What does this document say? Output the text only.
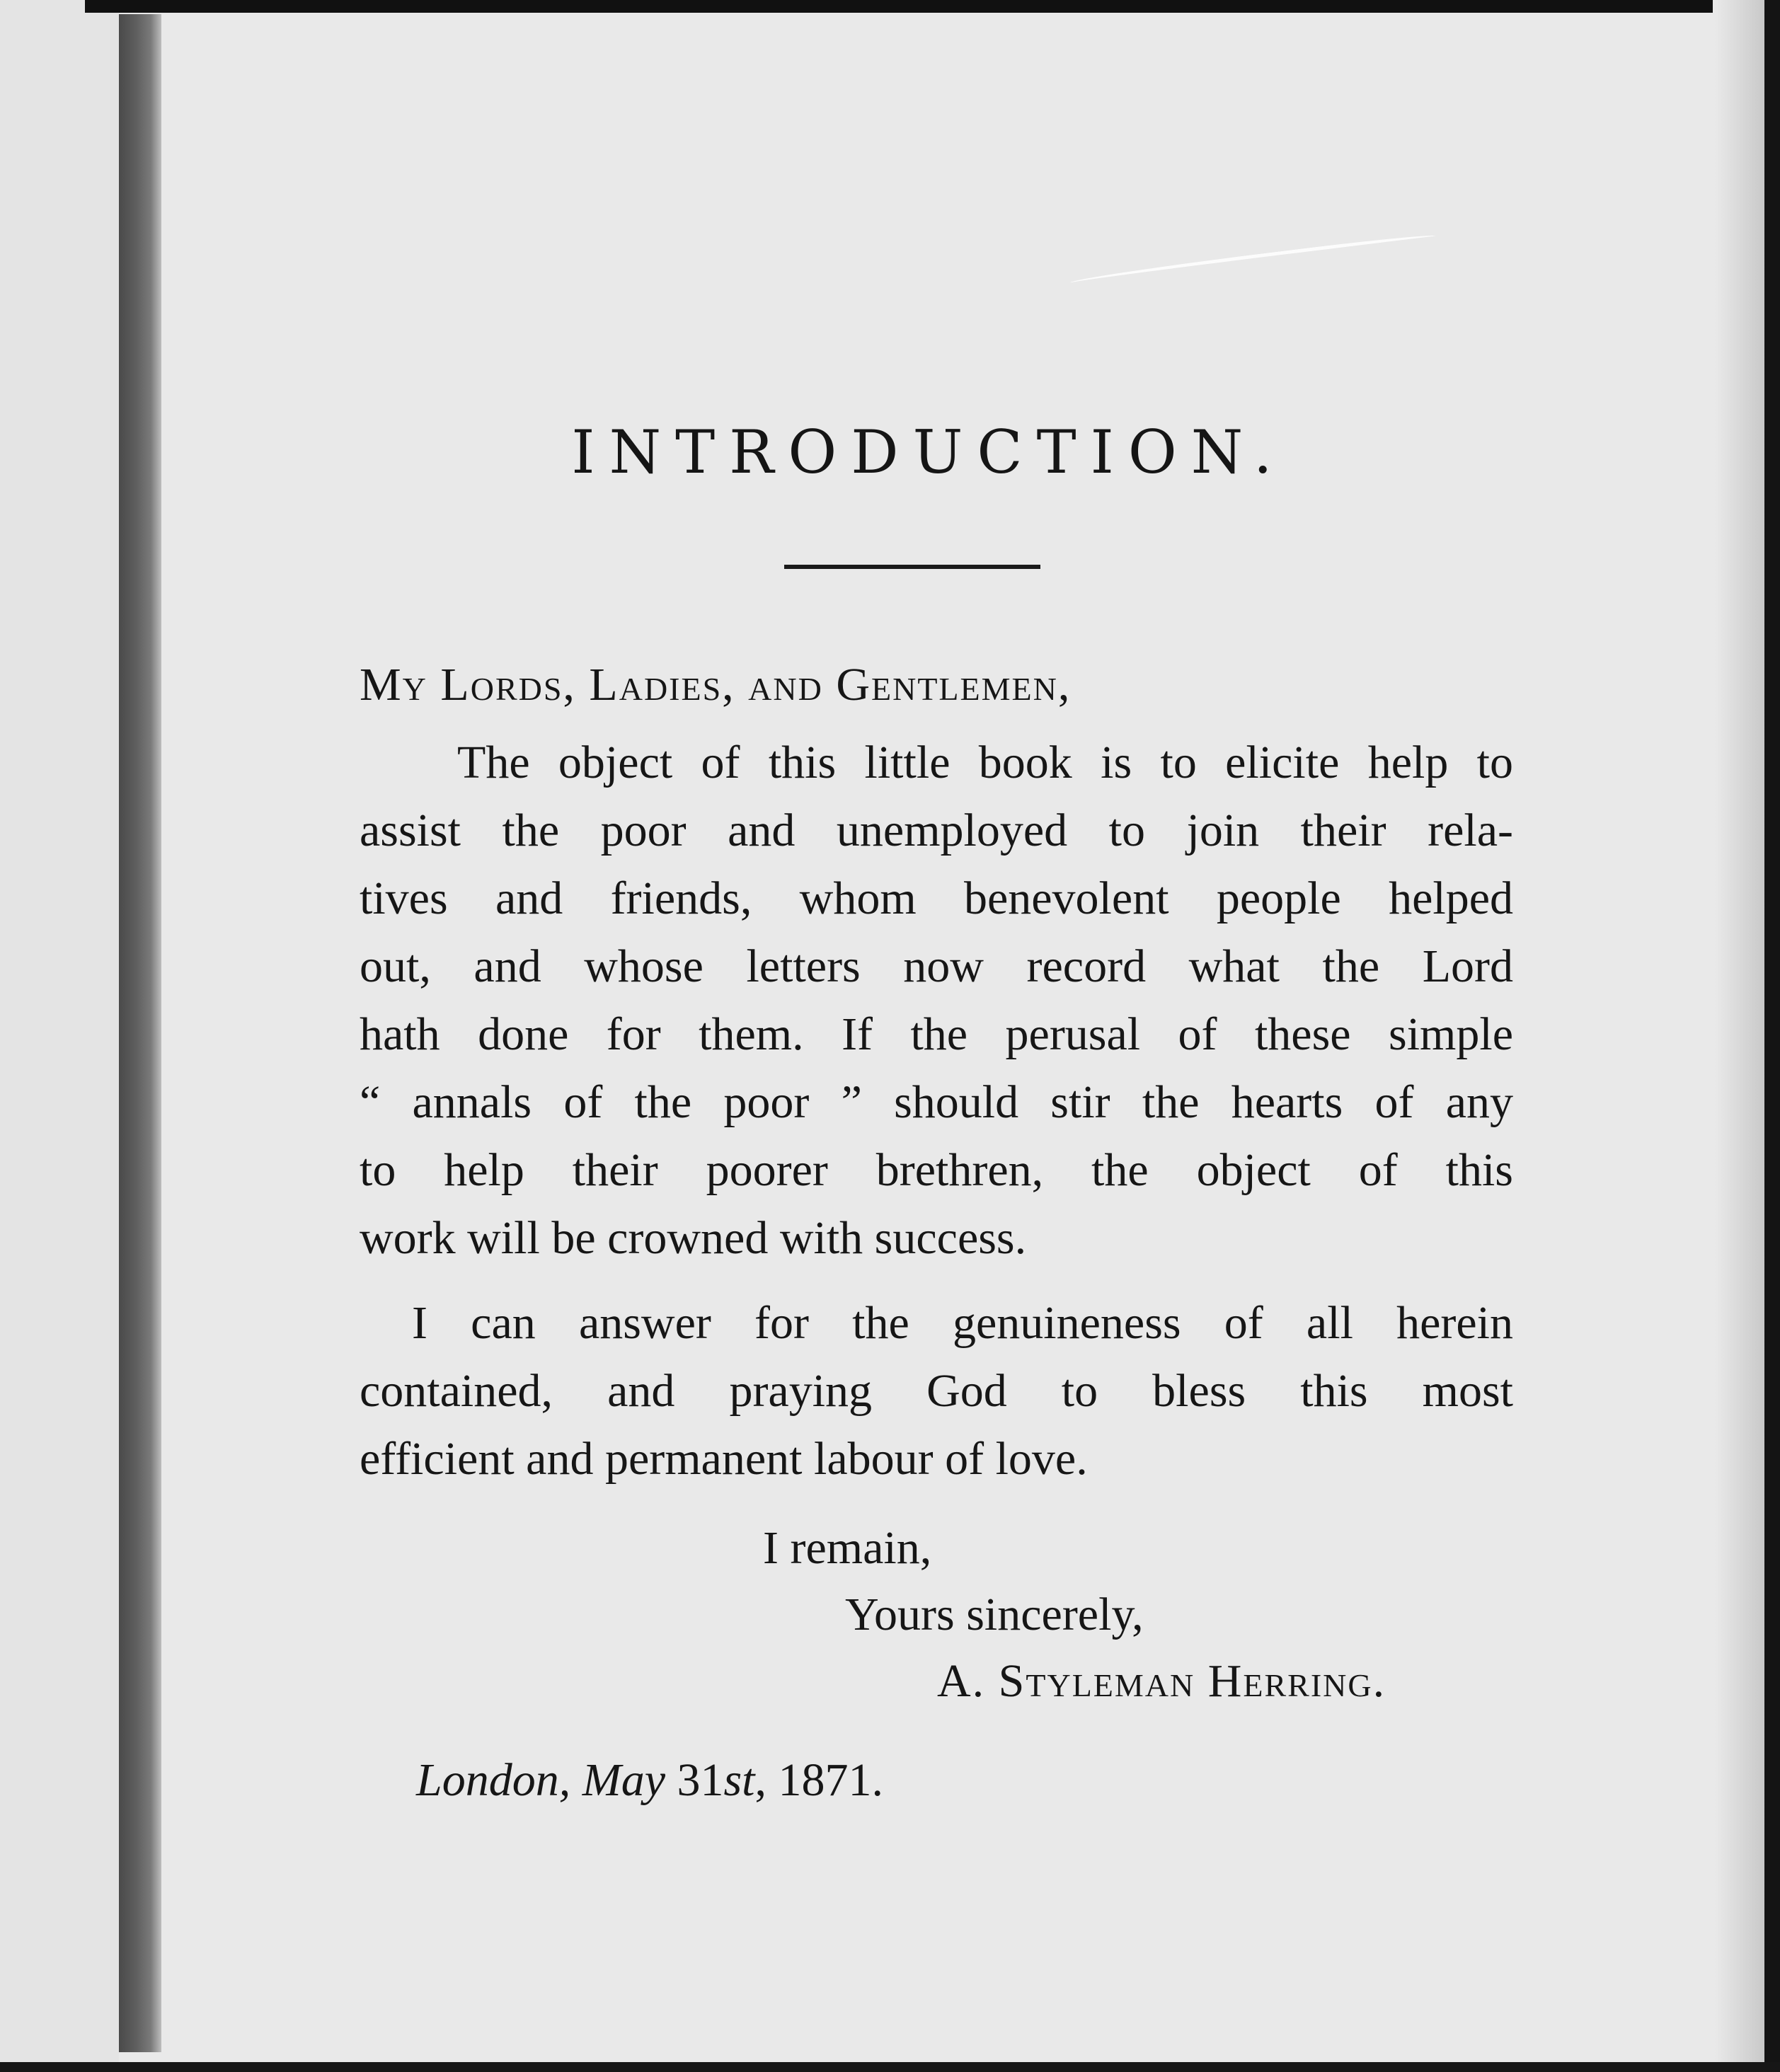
INTRODUCTION.
My Lords, Ladies, and Gentlemen,
The object of this little book is to elicite help to
assist the poor and unemployed to join their rela-
tives and friends, whom benevolent people helped
out, and whose letters now record what the Lord
hath done for them. If the perusal of these simple
“ annals of the poor ” should stir the hearts of any
to help their poorer brethren, the object of this
work will be crowned with success.
I can answer for the genuineness of all herein
contained, and praying God to bless this most
efficient and permanent labour of love.
I remain,
Yours sincerely,
A. Styleman Herring.
London, May 31st, 1871.
